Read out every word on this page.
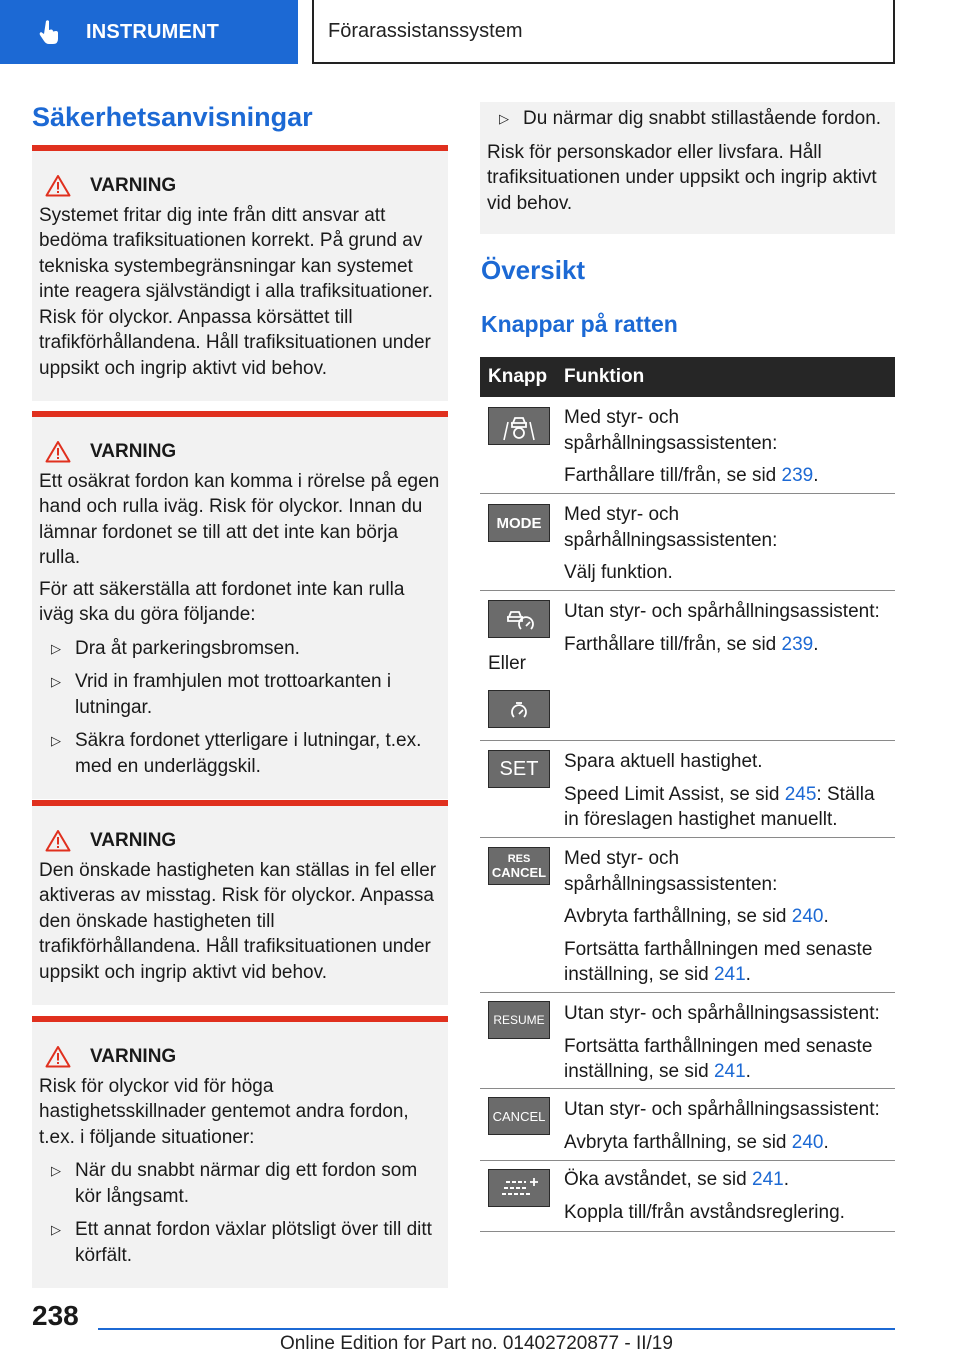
INSTRUMENT	Förarassistanssystem
Säkerhetsanvisningar
VARNING

Systemet fritar dig inte från ditt ansvar att bedöma trafiksituationen korrekt. På grund av tekniska systembegränsningar kan systemet inte reagera självständigt i alla trafiksituationer. Risk för olyckor. Anpassa körsättet till trafikförhållandena. Håll trafiksituationen under uppsikt och ingrip aktivt vid behov.

VARNING

Ett osäkrat fordon kan komma i rörelse på egen hand och rulla iväg. Risk för olyckor. Innan du lämnar fordonet se till att det inte kan börja rulla.

För att säkerställa att fordonet inte kan rulla iväg ska du göra följande:

▷ Dra åt parkeringsbromsen.
▷ Vrid in framhjulen mot trottoarkanten i lutningar.
▷ Säkra fordonet ytterligare i lutningar, t.ex. med en underläggskil.
VARNING

Den önskade hastigheten kan ställas in fel eller aktiveras av misstag. Risk för olyckor. Anpassa den önskade hastigheten till trafikförhållandena. Håll trafiksituationen under uppsikt och ingrip aktivt vid behov.

VARNING

Risk för olyckor vid för höga hastighetsskillnader gentemot andra fordon, t.ex. i följande situationer:

▷ När du snabbt närmar dig ett fordon som kör långsamt.
▷ Ett annat fordon växlar plötsligt över till ditt körfält.
▷ Du närmar dig snabbt stillastående fordon.

Risk för personskador eller livsfara. Håll trafiksituationen under uppsikt och ingrip aktivt vid behov.

Översikt
Knappar på ratten
Knapp Funktion

Med styr- och spårhållningsassistenten:

Farthållare till/från, se sid 239.

MODE Med styr- och spårhållningsassistenten:

Välj funktion.

Eller

Utan styr- och spårhållningsassistent:

Farthållare till/från, se sid 239.

SET Spara aktuell hastighet.

Speed Limit Assist, se sid 245: Ställa in föreslagen hastighet manuellt.

RES
CANCEL

Med styr- och spårhållningsassistenten:

Avbryta farthållning, se sid 240.

Fortsätta farthållningen med senaste inställning, se sid 241.

RESUME Utan styr- och spårhållningsassistent:

Fortsätta farthållningen med senaste inställning, se sid 241.

CANCEL Utan styr- och spårhållningsassistent:

Avbryta farthållning, se sid 240.

Öka avståndet, se sid 241.

Koppla till/från avståndsreglering.

238
Online Edition for Part no. 01402720877 - II/19
